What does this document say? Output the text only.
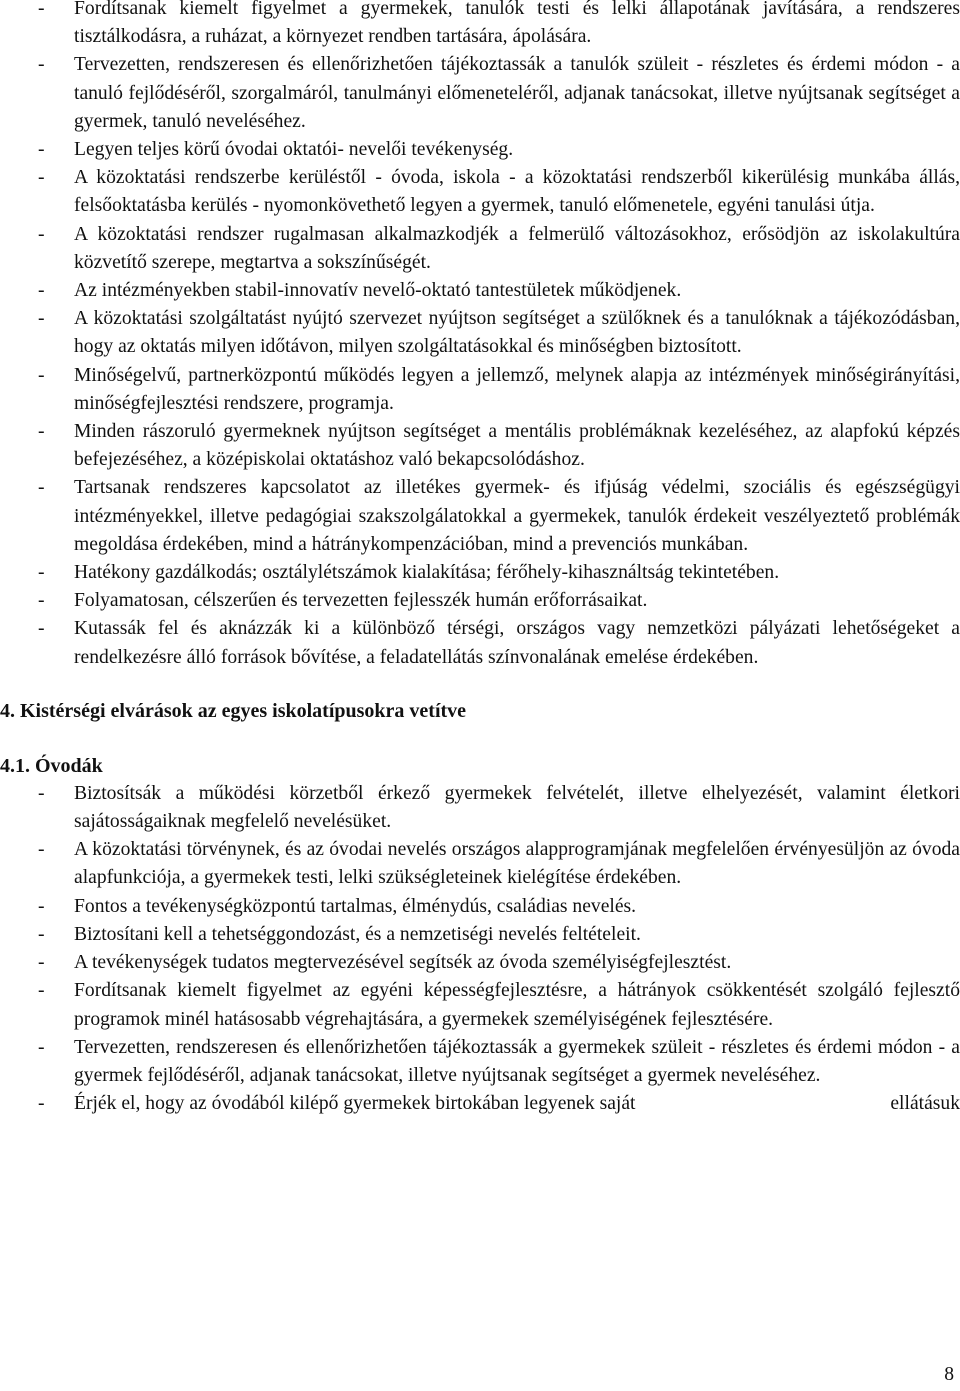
- Fordítsanak kiemelt figyelmet a gyermekek, tanulók testi és lelki állapotának javítására, a rendszeres tisztálkodásra, a ruházat, a környezet rendben tartására, ápolására.
- Tervezetten, rendszeresen és ellenőrizhetően tájékoztassák a tanulók szüleit - részletes és érdemi módon - a tanuló fejlődéséről, szorgalmáról, tanulmányi előmeneteléről, adjanak tanácsokat, illetve nyújtsanak segítséget a gyermek, tanuló neveléséhez.
- Legyen teljes körű óvodai oktatói- nevelői tevékenység.
- A közoktatási rendszerbe kerüléstől - óvoda, iskola - a közoktatási rendszerből kikerülésig munkába állás, felsőoktatásba kerülés - nyomonkövethető legyen a gyermek, tanuló előmenetele, egyéni tanulási útja.
- A közoktatási rendszer rugalmasan alkalmazkodjék a felmerülő változásokhoz, erősödjön az iskolakultúra közvetítő szerepe, megtartva a sokszínűségét.
- Az intézményekben stabil-innovatív nevelő-oktató tantestületek működjenek.
- A közoktatási szolgáltatást nyújtó szervezet nyújtson segítséget a szülőknek és a tanulóknak a tájékozódásban, hogy az oktatás milyen időtávon, milyen szolgáltatásokkal és minőségben biztosított.
- Minőségelvű, partnerközpontú működés legyen a jellemző, melynek alapja az intézmények minőségirányítási, minőségfejlesztési rendszere, programja.
- Minden rászoruló gyermeknek nyújtson segítséget a mentális problémáknak kezeléséhez, az alapfokú képzés befejezéséhez, a középiskolai oktatáshoz való bekapcsolódáshoz.
- Tartsanak rendszeres kapcsolatot az illetékes gyermek- és ifjúság védelmi, szociális és egészségügyi intézményekkel, illetve pedagógiai szakszolgálatokkal a gyermekek, tanulók érdekeit veszélyeztető problémák megoldása érdekében, mind a hátránykompenzációban, mind a prevenciós munkában.
- Hatékony gazdálkodás; osztálylétszámok kialakítása; férőhely-kihasználtság tekintetében.
- Folyamatosan, célszerűen és tervezetten fejlesszék humán erőforrásaikat.
- Kutassák fel és aknázzák ki a különböző térségi, országos vagy nemzetközi pályázati lehetőségeket a rendelkezésre álló források bővítése, a feladatellátás színvonalának emelése érdekében.
4. Kistérségi elvárások az egyes iskolatípusokra vetítve
4.1. Óvodák
- Biztosítsák a működési körzetből érkező gyermekek felvételét, illetve elhelyezését, valamint életkori sajátosságaiknak megfelelő nevelésüket.
- A közoktatási törvénynek, és az óvodai nevelés országos alapprogramjának megfelelően érvényesüljön az óvoda alapfunkciója, a gyermekek testi, lelki szükségleteinek kielégítése érdekében.
- Fontos a tevékenységközpontú tartalmas, élménydús, családias nevelés.
- Biztosítani kell a tehetséggondozást, és a nemzetiségi nevelés feltételeit.
- A tevékenységek tudatos megtervezésével segítsék az óvoda személyiségfejlesztést.
- Fordítsanak kiemelt figyelmet az egyéni képességfejlesztésre, a hátrányok csökkentését szolgáló fejlesztő programok minél hatásosabb végrehajtására, a gyermekek személyiségének fejlesztésére.
- Tervezetten, rendszeresen és ellenőrizhetően tájékoztassák a gyermekek szüleit - részletes és érdemi módon - a gyermek fejlődéséről, adjanak tanácsokat, illetve nyújtsanak segítséget a gyermek neveléséhez.
- Érjék el, hogy az óvodából kilépő gyermekek birtokában legyenek saját	ellátásuk
8
